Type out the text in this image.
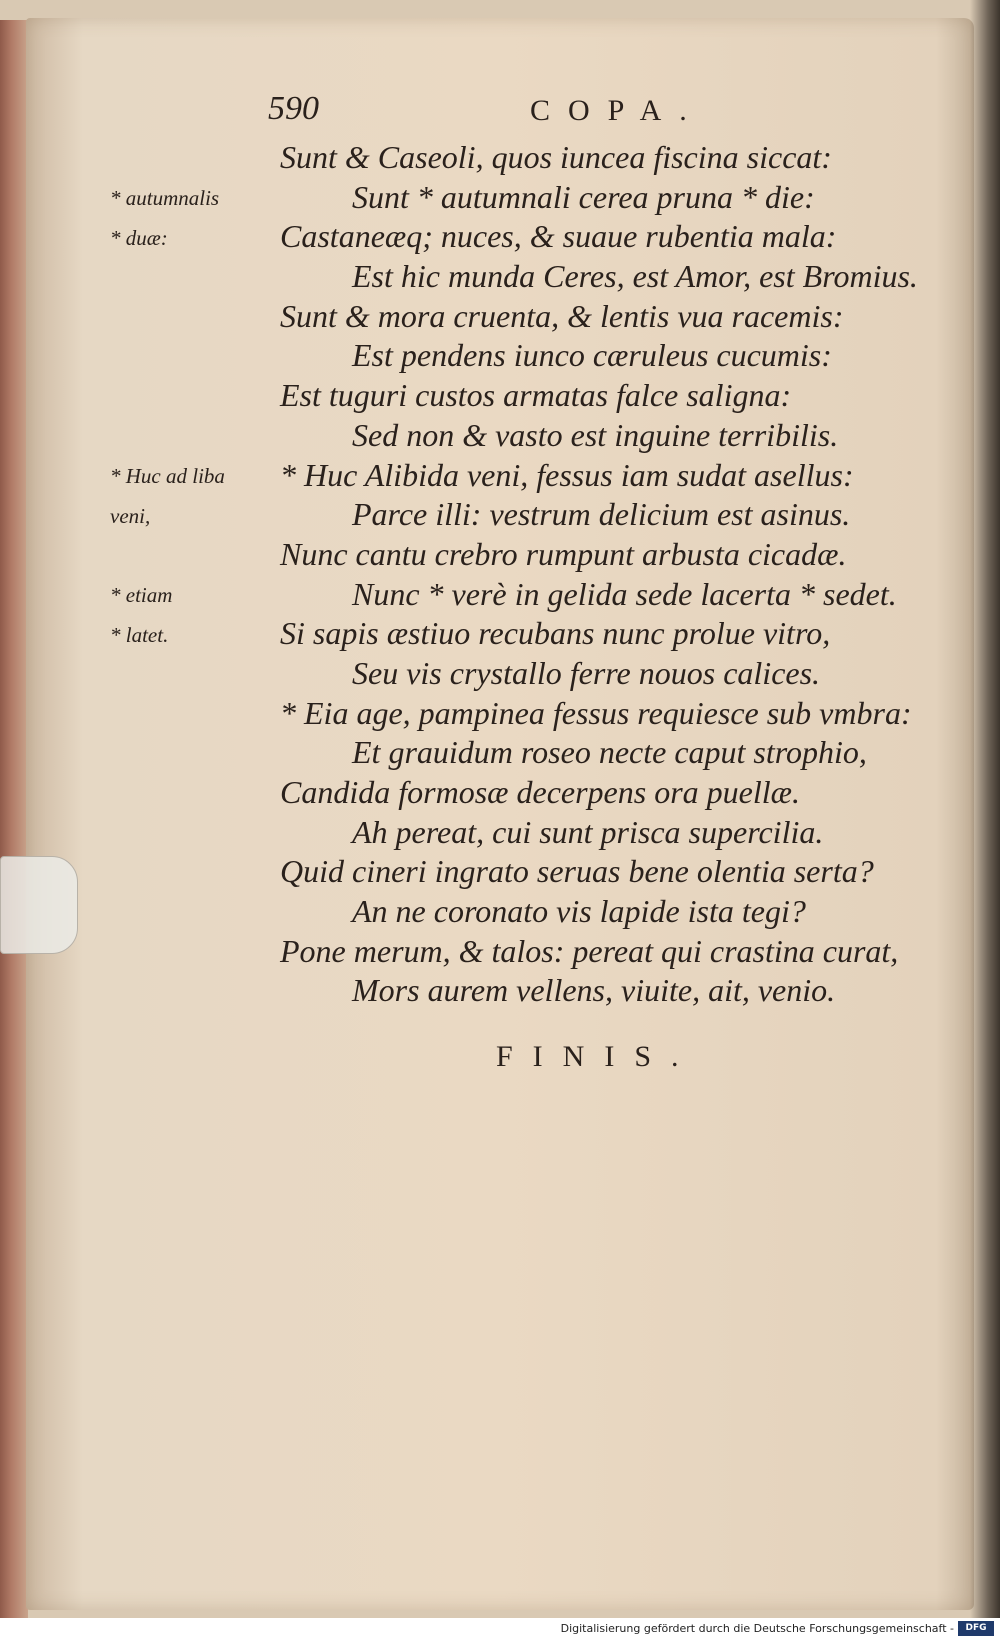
590	COPA.
Sunt & Caseoli, quos iuncea fiscina siccat:
Sunt * autumnali cerea pruna * die:
Castaneæq; nuces, & suaue rubentia mala:
Est hic munda Ceres, est Amor, est Bromius.
Sunt & mora cruenta, & lentis vua racemis:
Est pendens iunco cæruleus cucumis:
Est tuguri custos armatas falce saligna:
Sed non & vasto est inguine terribilis.
* Huc Alibida veni, fessus iam sudat asellus:
Parce illi: vestrum delicium est asinus.
Nunc cantu crebro rumpunt arbusta cicadæ.
Nunc * verè in gelida sede lacerta * sedet.
Si sapis æstiuo recubans nunc prolue vitro,
Seu vis crystallo ferre nouos calices.
* Eia age, pampinea fessus requiesce sub vmbra:
Et grauidum roseo necte caput strophio,
Candida formosæ decerpens ora puellæ.
Ah pereat, cui sunt prisca supercilia.
Quid cineri ingrato seruas bene olentia serta?
An ne coronato vis lapide ista tegi?
Pone merum, & talos: pereat qui crastina curat,
Mors aurem vellens, viuite, ait, venio.
* autumnalis
* duæ:
* Huc ad liba
veni,
* etiam
* latet.
FINIS.
Digitalisierung gefördert durch die Deutsche Forschungsgemeinschaft -	DFG
